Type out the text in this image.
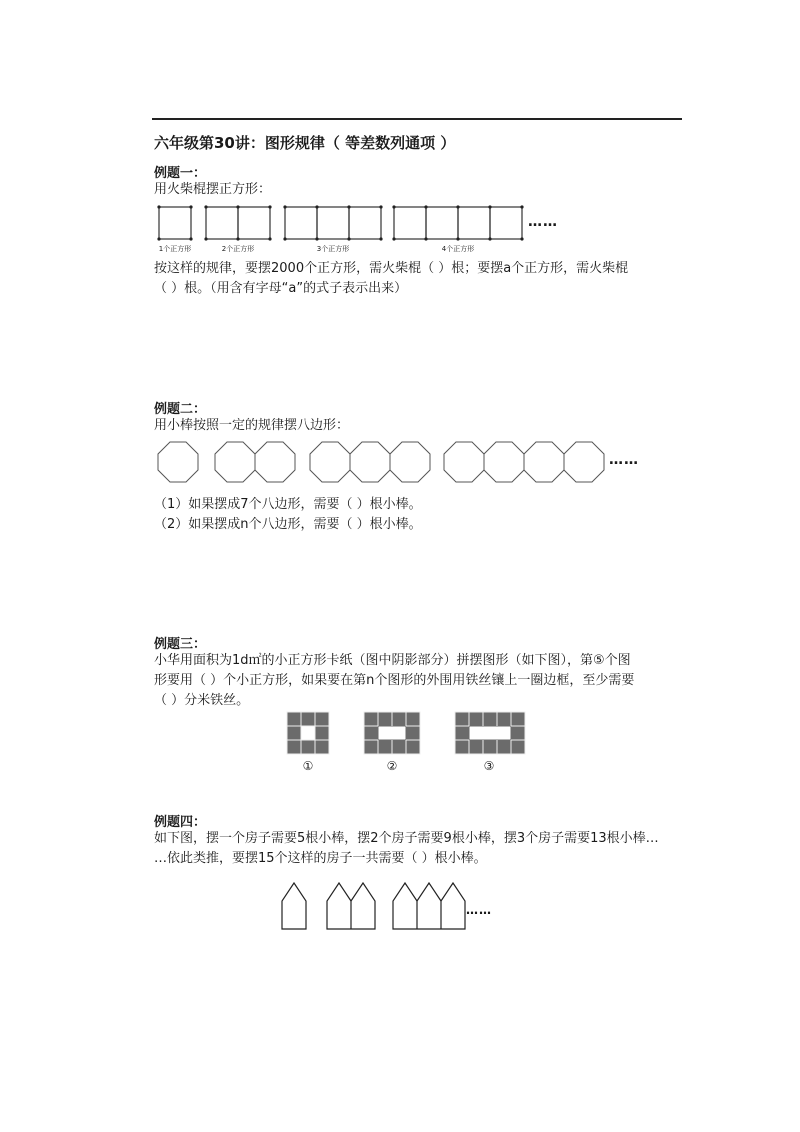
六年级第30讲：图形规律（ 等差数列通项 ）
例题一：
用火柴棍摆正方形：
……
1个正方形	2个正方形	3个正方形	4个正方形
按这样的规律，要摆2000个正方形，需火柴棍（ ）根；要摆a个正方形，需火柴棍
（ ）根。（用含有字母“a”的式子表示出来）
例题二：
用小棒按照一定的规律摆八边形：
……
（1）如果摆成7个八边形，需要（ ）根小棒。
（2）如果摆成n个八边形，需要（ ）根小棒。
例题三：
小华用面积为1d㎡的小正方形卡纸（图中阴影部分）拼摆图形（如下图），第⑤个图
形要用（ ）个小正方形，如果要在第n个图形的外围用铁丝镶上一圈边框，至少需要
（ ）分米铁丝。
①	②	③
例题四：
如下图，摆一个房子需要5根小棒，摆2个房子需要9根小棒，摆3个房子需要13根小棒…
…依此类推，要摆15个这样的房子一共需要（ ）根小棒。
……
